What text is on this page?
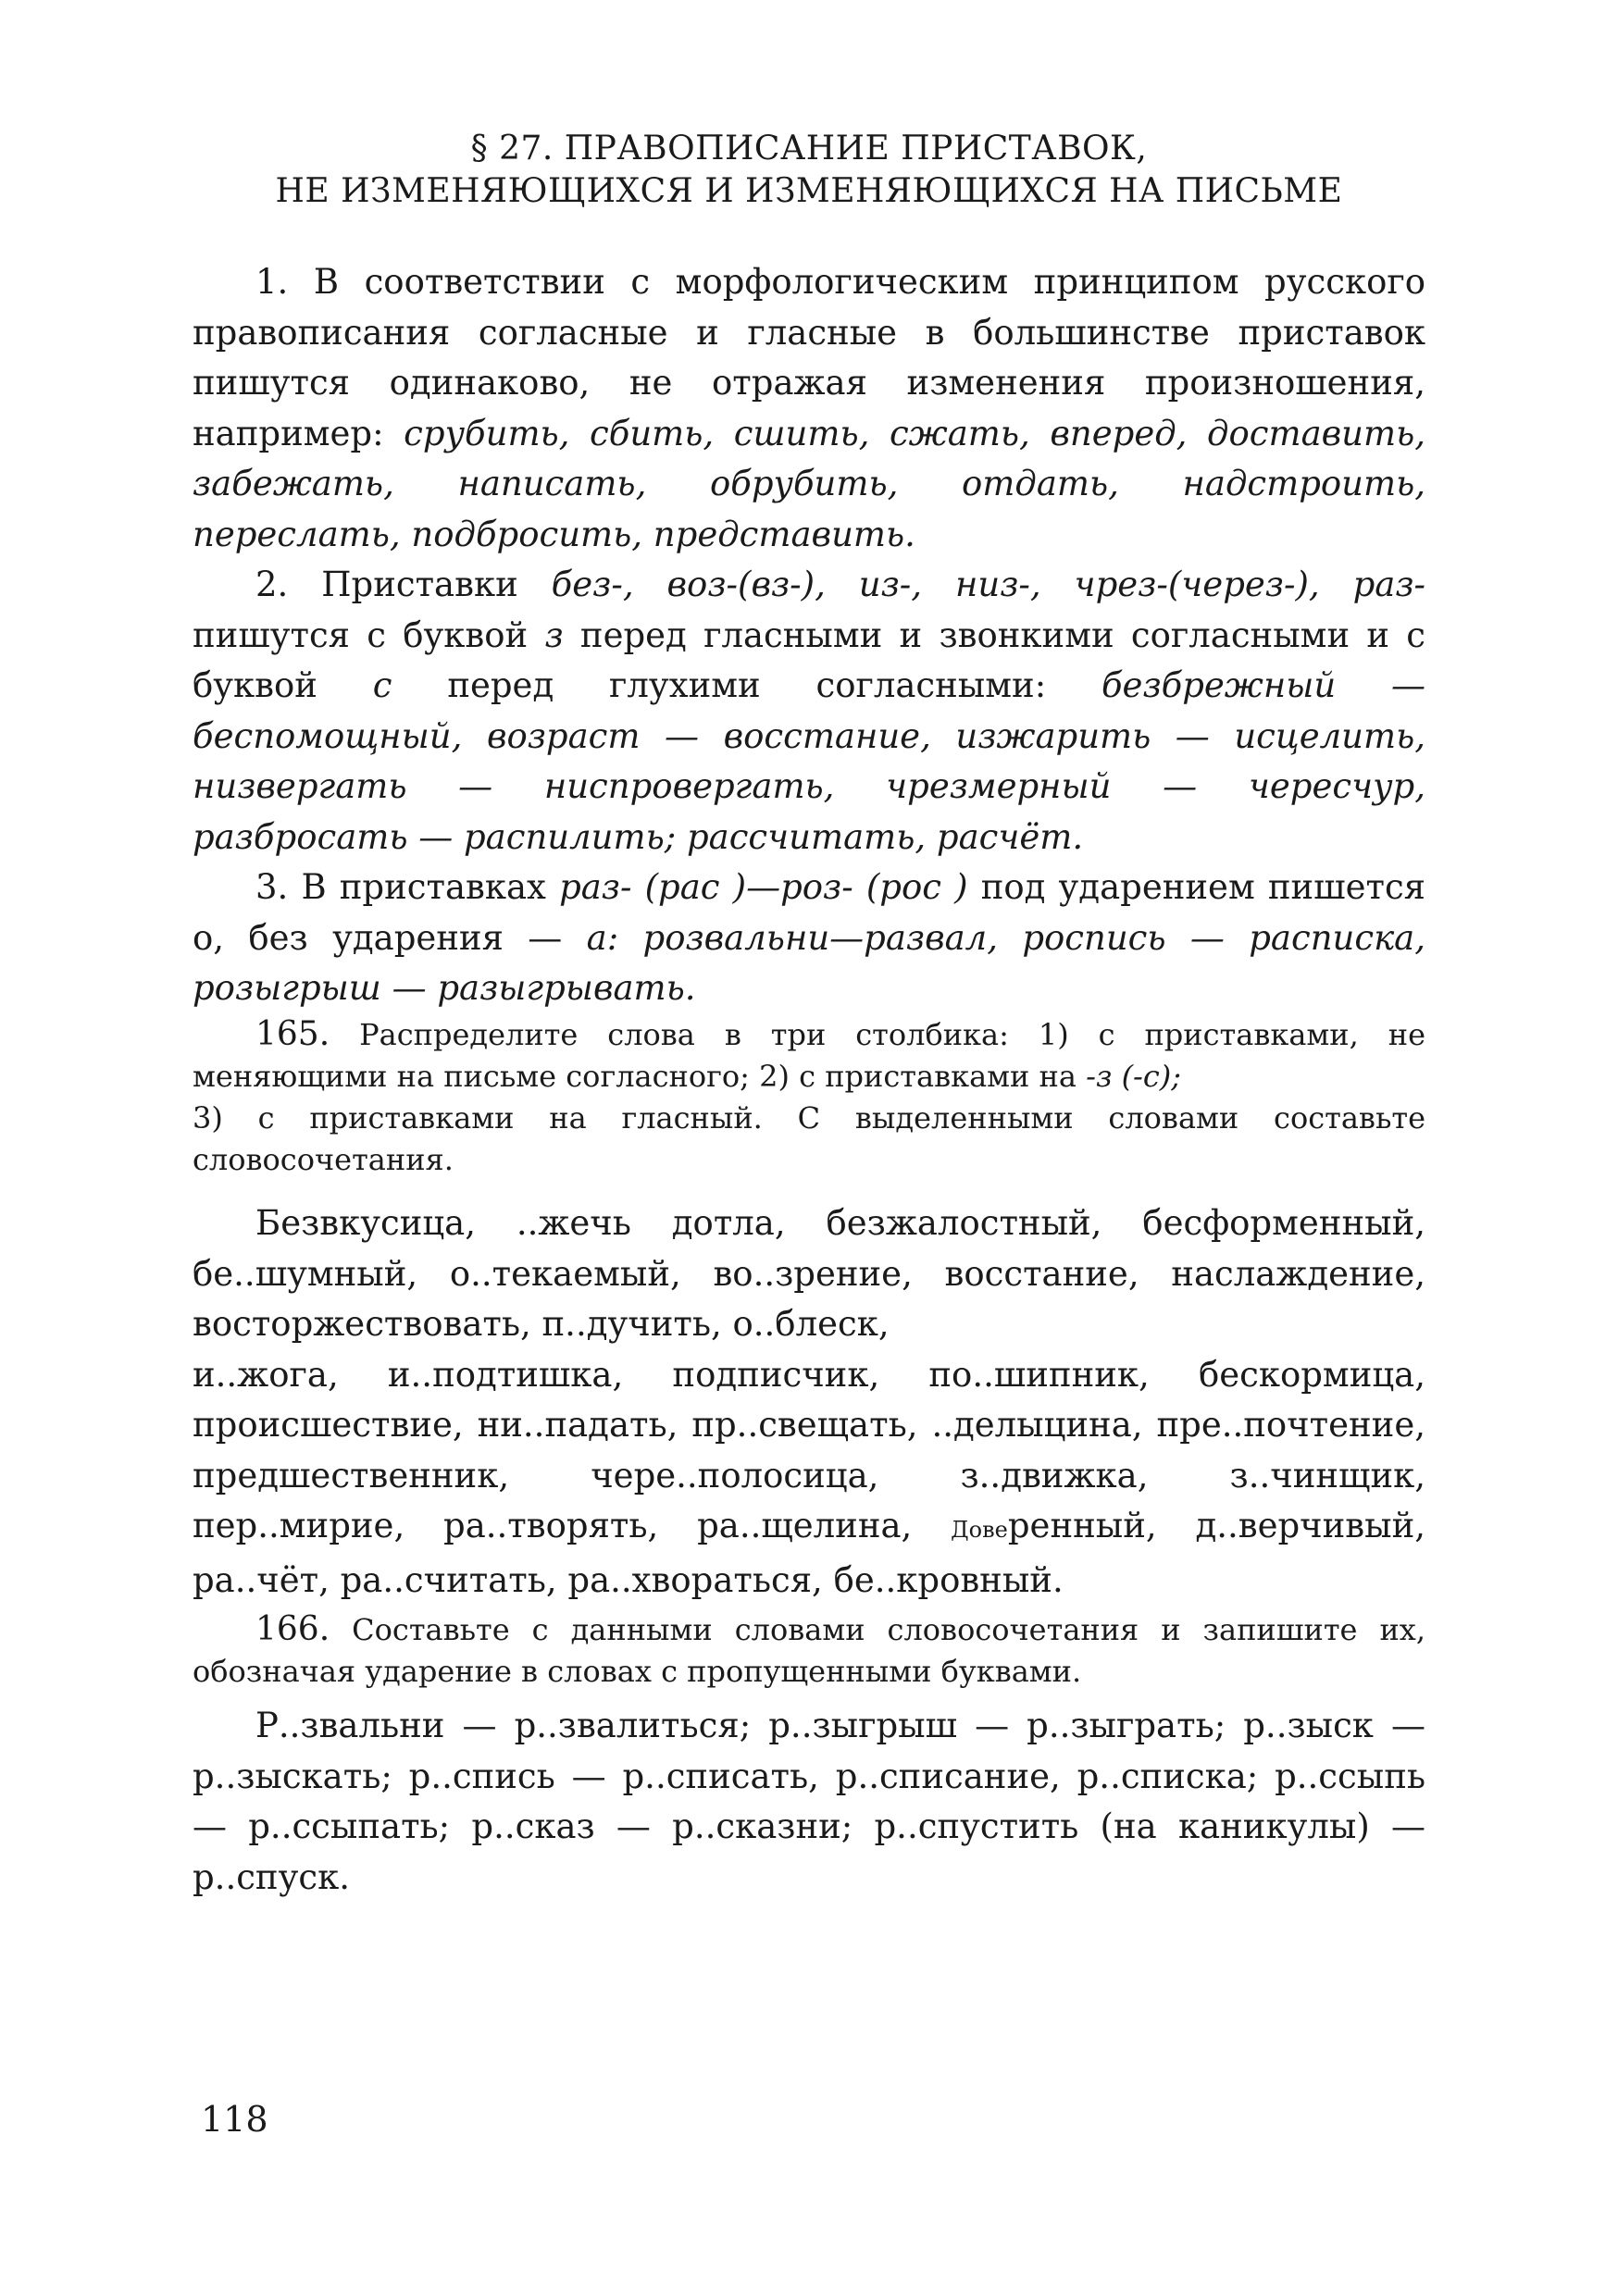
§ 27. ПРАВОПИСАНИЕ ПРИСТАВОК,
НЕ ИЗМЕНЯЮЩИХСЯ И ИЗМЕНЯЮЩИХСЯ НА ПИСЬМЕ

1. В соответствии с морфологическим принципом русского правописания согласные и гласные в большинстве приставок пишутся одинаково, не отражая изменения произношения, например: срубить, сбить, сшить, сжать, вперед, доставить, забежать, написать, обрубить, отдать, надстроить, переслать, подбросить, представить.

2. Приставки без-, воз-(вз-), из-, низ-, чрез-(через-), раз- пишутся с буквой з перед гласными и звонкими согласными и с буквой с перед глухими согласными: безбрежный — беспомощный, возраст — восстание, изжарить — исцелить, низвергать — ниспровергать, чрезмерный — чересчур, разбросать — распилить; рассчитать, расчёт.

3. В приставках раз- (рас )—роз- (рос ) под ударением пишется о, без ударения — а: розвальни—развал, роспись — расписка, розыгрыш — разыгрывать.

165. Распределите слова в три столбика: 1) с приставками, не меняющими на письме согласного; 2) с приставками на -з (-с);

3) с приставками на гласный. С выделенными словами составьте словосочетания.

Безвкусица, ..жечь дотла, безжалостный, бесформенный, бе..шумный, о..текаемый, во..зрение, восстание, наслаждение, восторжествовать, п..дучить, о..блеск,

и..жога, и..подтишка, подписчик, по..шипник, бескормица, происшествие, ни..падать, пр..свещать, ..делыцина, пре..почтение, предшественник, чере..полосица, з..движка, з..чинщик, пер..мирие, ра..творять, ра..щелина, Доверенный, д..верчивый, ра..чёт, ра..считать, ра..хвораться, бе..кровный.

166. Составьте с данными словами словосочетания и запишите их, обозначая ударение в словах с пропущенными буквами.

Р..звальни — р..звалиться; р..зыгрыш — р..зыграть; р..зыск — р..зыскать; р..спись — р..списать, р..списание, р..списка; р..ссыпь — р..ссыпать; р..сказ — р..сказни; р..спустить (на каникулы) — р..спуск.

118
